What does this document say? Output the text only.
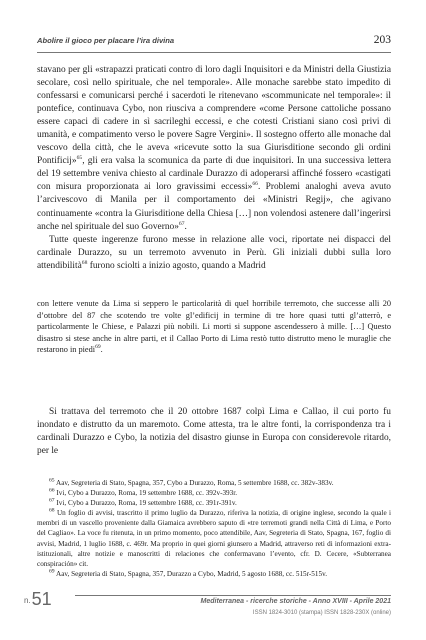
Abolire il gioco per placare l’ira divina	203

stavano per gli «strapazzi praticati contro di loro dagli Inquisitori e da Ministri della Giustizia secolare, così nello spirituale, che nel temporale». Alle monache sarebbe stato impedito di confessarsi e comunicarsi perché i sacerdoti le ritenevano «scommunicate nel temporale»: il pontefice, continuava Cybo, non riusciva a comprendere «come Persone cattoliche possano essere capaci di cadere in sì sacrileghi eccessi, e che cotesti Cristiani siano così privi di umanità, e compatimento verso le povere Sagre Vergini». Il sostegno offerto alle monache dal vescovo della città, che le aveva «ricevute sotto la sua Giurisditione secondo gli ordini Pontificij»$^{65}$, gli era valsa la scomunica da parte di due inquisitori. In una successiva lettera del 19 settembre veniva chiesto al cardinale Durazzo di adoperarsi affinché fossero «castigati con misura proporzionata ai loro gravissimi eccessi»$^{66}$. Problemi analoghi aveva avuto l’arcivescovo di Manila per il comportamento dei «Ministri Regij», che agivano continuamente «contra la Giurisditione della Chiesa […] non volendosi astenere dall’ingerirsi anche nel spirituale del suo Governo»$^{67}$.

Tutte queste ingerenze furono messe in relazione alle voci, riportate nei dispacci del cardinale Durazzo, su un terremoto avvenuto in Perù. Gli iniziali dubbi sulla loro attendibilità$^{68}$ furono sciolti a inizio agosto, quando a Madrid

con lettere venute da Lima si seppero le particolarità di quel horribile terremoto, che successe alli 20 d’ottobre del 87 che scotendo tre volte gl’edificij in termine di tre hore quasi tutti gl’atterrò, e particolarmente le Chiese, e Palazzi più nobili. Li morti si suppone ascendessero à mille. […] Questo disastro si stese anche in altre parti, et il Callao Porto di Lima restò tutto distrutto meno le muraglie che restarono in piedi$^{69}$.

Si trattava del terremoto che il 20 ottobre 1687 colpì Lima e Callao, il cui porto fu inondato e distrutto da un maremoto. Come attesta, tra le altre fonti, la corrispondenza tra i cardinali Durazzo e Cybo, la notizia del disastro giunse in Europa con considerevole ritardo, per le

$^{65}$ Aav, Segreteria di Stato, Spagna, 357, Cybo a Durazzo, Roma, 5 settembre 1688, cc. 382v-383v.

$^{66}$ Ivi, Cybo a Durazzo, Roma, 19 settembre 1688, cc. 392v-393r.

$^{67}$ Ivi, Cybo a Durazzo, Roma, 19 settembre 1688, cc. 391r-391v.

$^{68}$ Un foglio di avvisi, trascritto il primo luglio da Durazzo, riferiva la notizia, di origine inglese, secondo la quale i membri di un vascello proveniente dalla Giamaica avrebbero saputo di «tre terremoti grandi nella Città di Lima, e Porto del Cagliao». La voce fu ritenuta, in un primo momento, poco attendibile, Aav, Segreteria di Stato, Spagna, 167, foglio di avvisi, Madrid, 1 luglio 1688, c. 469r. Ma proprio in quei giorni giunsero a Madrid, attraverso reti di informazioni extra-istituzionali, altre notizie e manoscritti di relaciones che confermavano l’evento, cfr. D. Cecere, «Subterranea conspiración» cit.

$^{69}$ Aav, Segreteria di Stato, Spagna, 357, Durazzo a Cybo, Madrid, 5 agosto 1688, cc. 515r-515v.

n.51	Mediterranea - ricerche storiche - Anno XVIII - Aprile 2021
ISSN 1824-3010 (stampa) ISSN 1828-230X (online)
